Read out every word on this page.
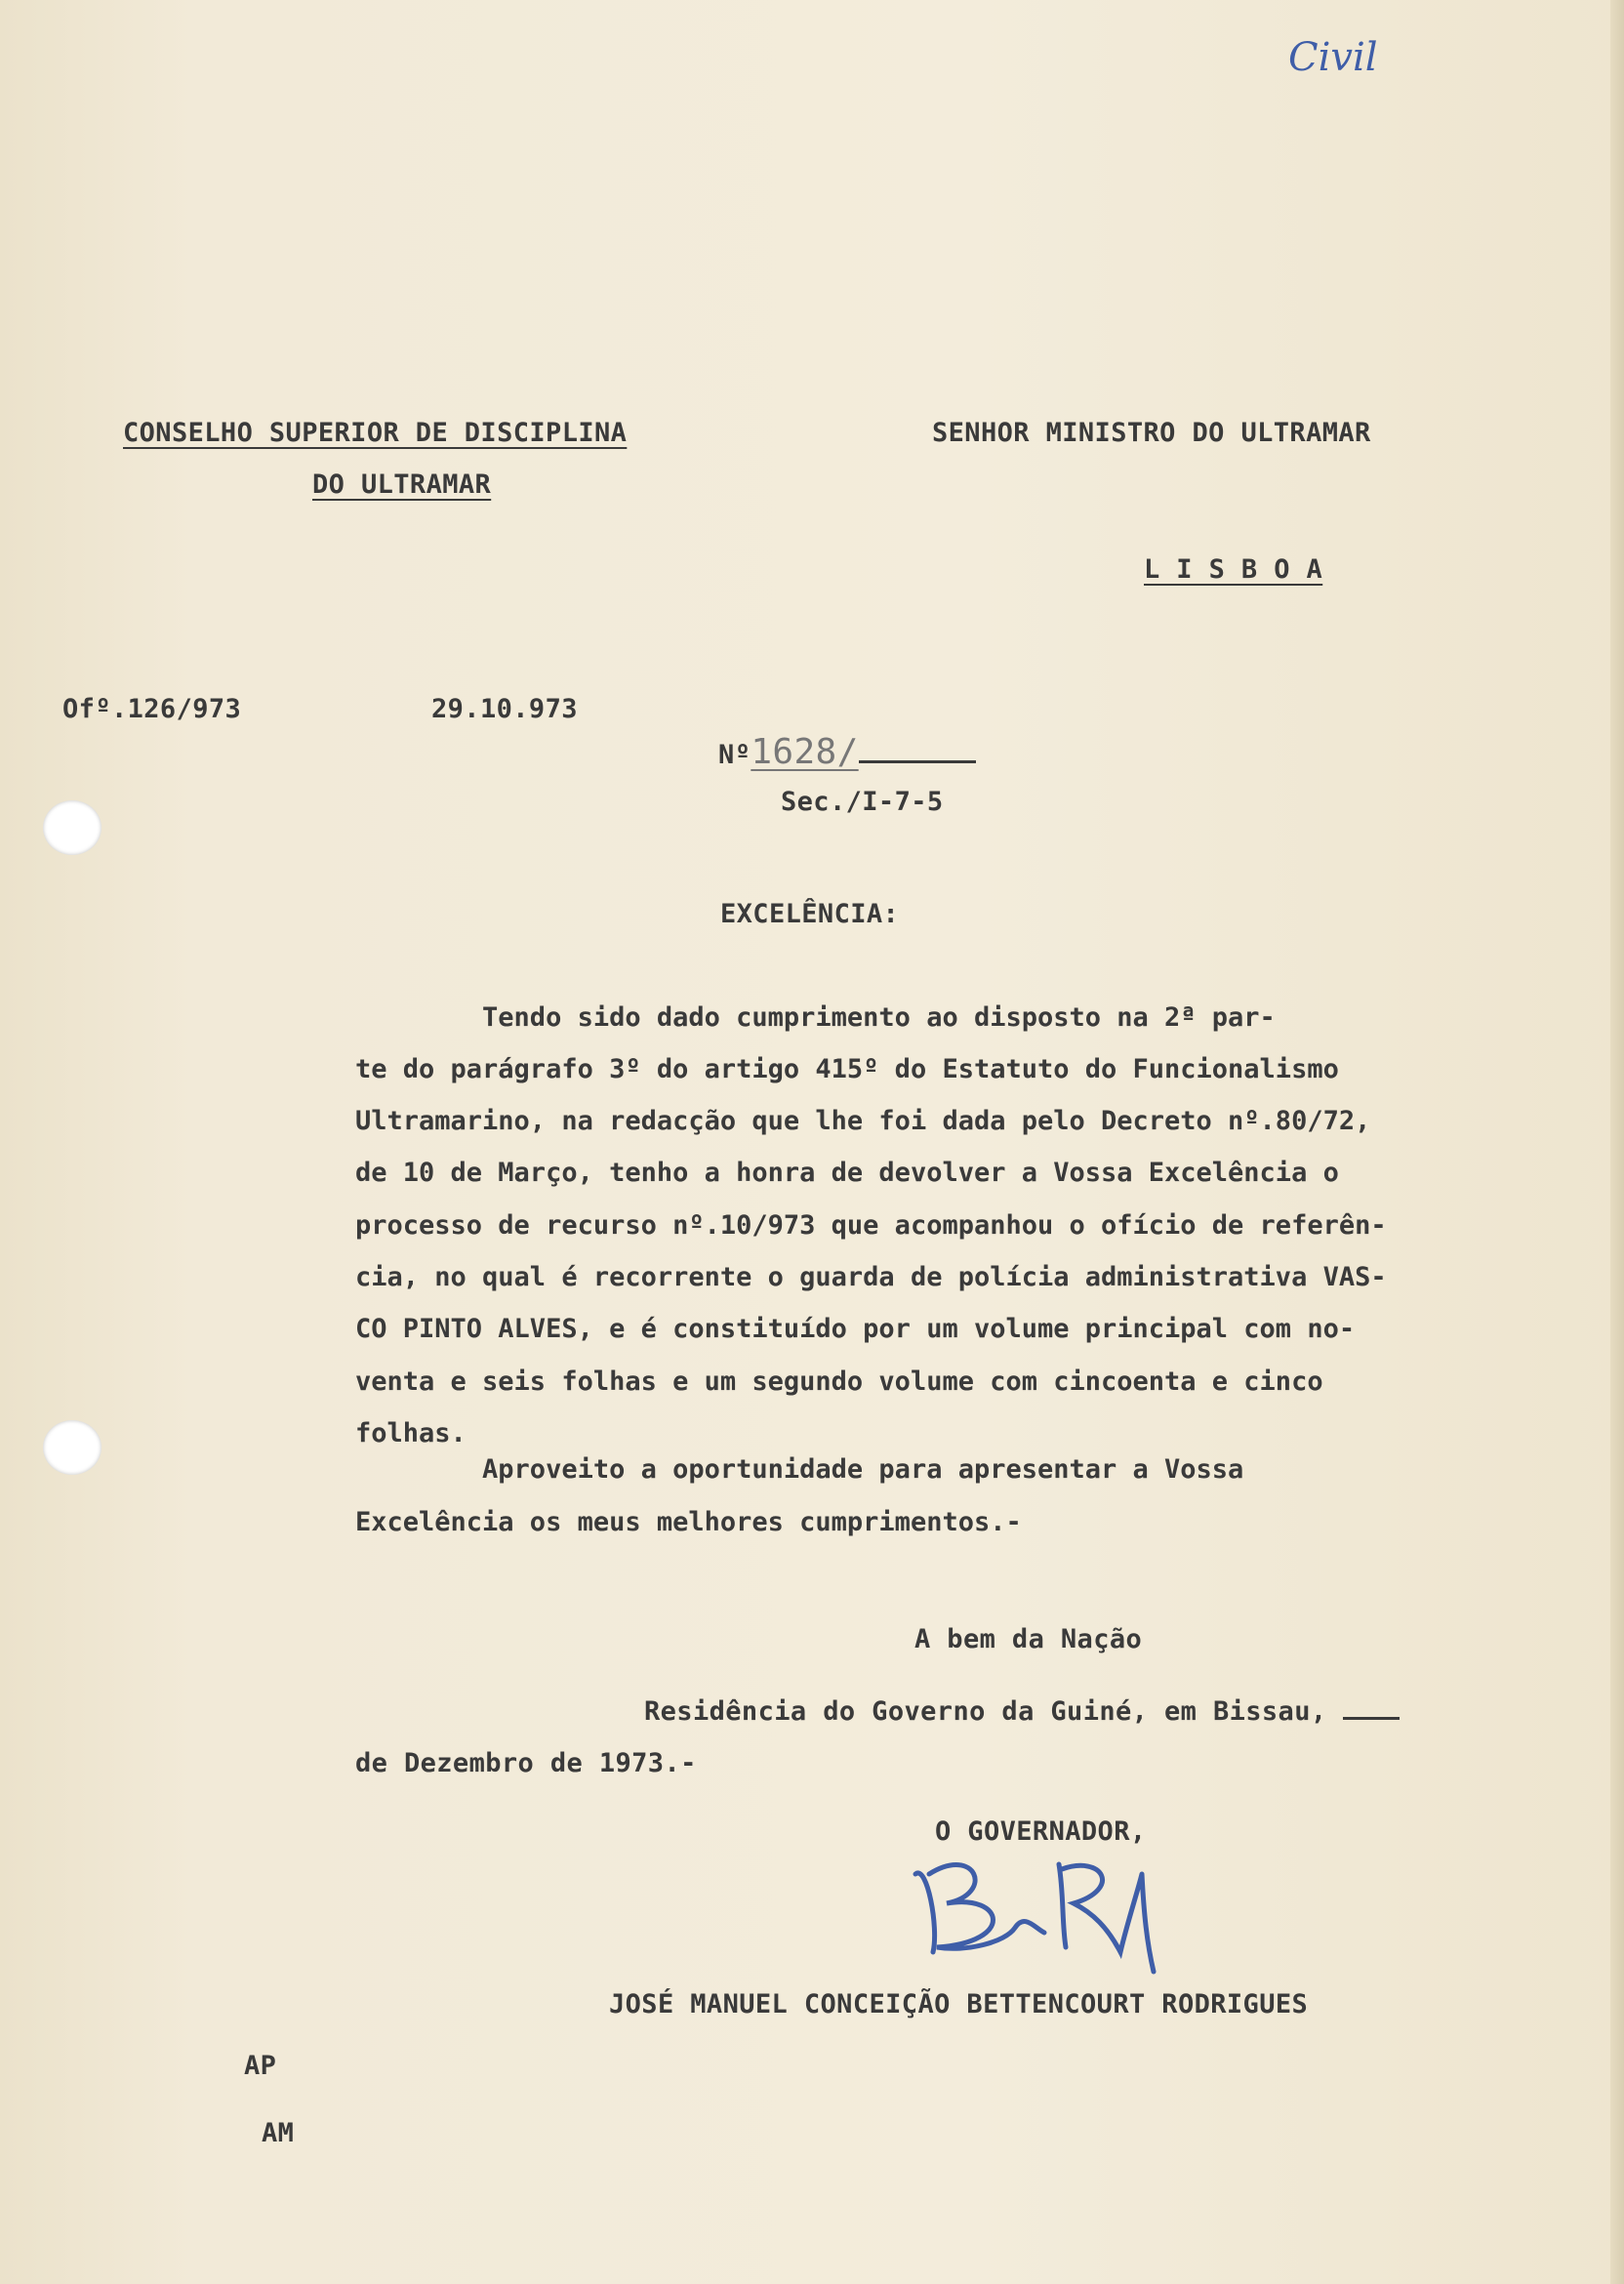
Civil
CONSELHO SUPERIOR DE DISCIPLINA
DO ULTRAMAR
SENHOR MINISTRO DO ULTRAMAR
L I S B O A
Ofº.126/973	29.10.973
Nº1628/
Sec./I-7-5
EXCELÊNCIA:
Tendo sido dado cumprimento ao disposto na 2ª par-
te do parágrafo 3º do artigo 415º do Estatuto do Funcionalismo
Ultramarino, na redacção que lhe foi dada pelo Decreto nº.80/72,
de 10 de Março, tenho a honra de devolver a Vossa Excelência o
processo de recurso nº.10/973 que acompanhou o ofício de referên-
cia, no qual é recorrente o guarda de polícia administrativa VAS-
CO PINTO ALVES, e é constituído por um volume principal com no-
venta e seis folhas e um segundo volume com cincoenta e cinco
folhas.
Aproveito a oportunidade para apresentar a Vossa
Excelência os meus melhores cumprimentos.-
A bem da Nação
Residência do Governo da Guiné, em Bissau,
de Dezembro de 1973.-
O GOVERNADOR,
JOSÉ MANUEL CONCEIÇÃO BETTENCOURT RODRIGUES
AP
AM
